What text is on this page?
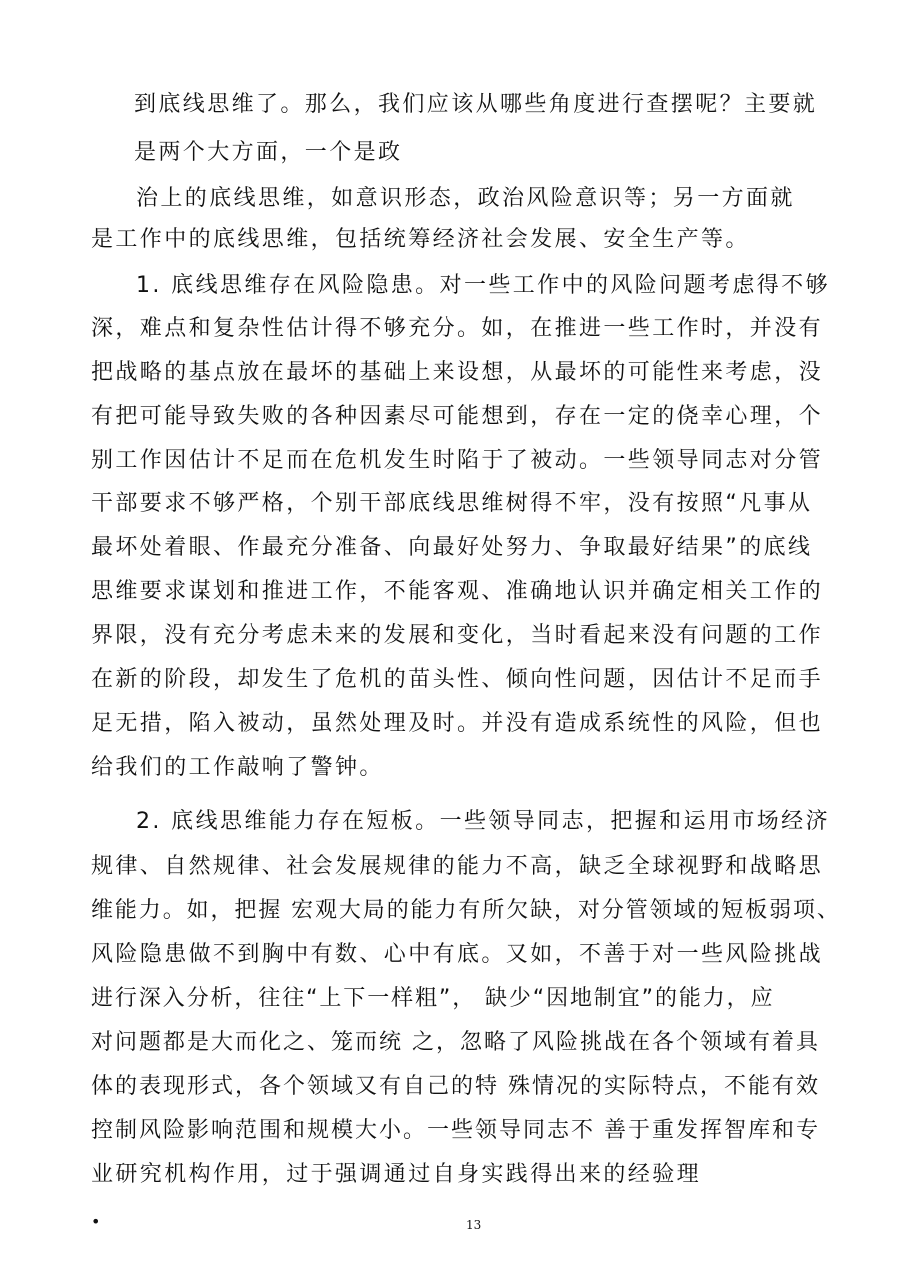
到底线思维了。那么，我们应该从哪些角度进行查摆呢？主要就
是两个大方面，一个是政
治上的底线思维，如意识形态，政治风险意识等；另一方面就
是工作中的底线思维，包括统筹经济社会发展、安全生产等。
1. 底线思维存在风险隐患。对一些工作中的风险问题考虑得不够
深，难点和复杂性估计得不够充分。如，在推进一些工作时，并没有
把战略的基点放在最坏的基础上来设想，从最坏的可能性来考虑，没
有把可能导致失败的各种因素尽可能想到，存在一定的侥幸心理，个
别工作因估计不足而在危机发生时陷于了被动。一些领导同志对分管
干部要求不够严格，个别干部底线思维树得不牢，没有按照“凡事从
最坏处着眼、作最充分准备、向最好处努力、争取最好结果”的底线
思维要求谋划和推进工作，不能客观、准确地认识并确定相关工作的
界限，没有充分考虑未来的发展和变化，当时看起来没有问题的工作
在新的阶段，却发生了危机的苗头性、倾向性问题，因估计不足而手
足无措，陷入被动，虽然处理及时。并没有造成系统性的风险，但也
给我们的工作敲响了警钟。
2. 底线思维能力存在短板。一些领导同志，把握和运用市场经济
规律、自然规律、社会发展规律的能力不高，缺乏全球视野和战略思
维能力。如，把握 宏观大局的能力有所欠缺，对分管领域的短板弱项、
风险隐患做不到胸中有数、心中有底。又如，不善于对一些风险挑战
进行深入分析，往往“上下一样粗”， 缺少“因地制宜”的能力，应
对问题都是大而化之、笼而统 之，忽略了风险挑战在各个领域有着具
体的表现形式，各个领域又有自己的特 殊情况的实际特点，不能有效
控制风险影响范围和规模大小。一些领导同志不 善于重发挥智库和专
业研究机构作用，过于强调通过自身实践得出来的经验理
•	13
